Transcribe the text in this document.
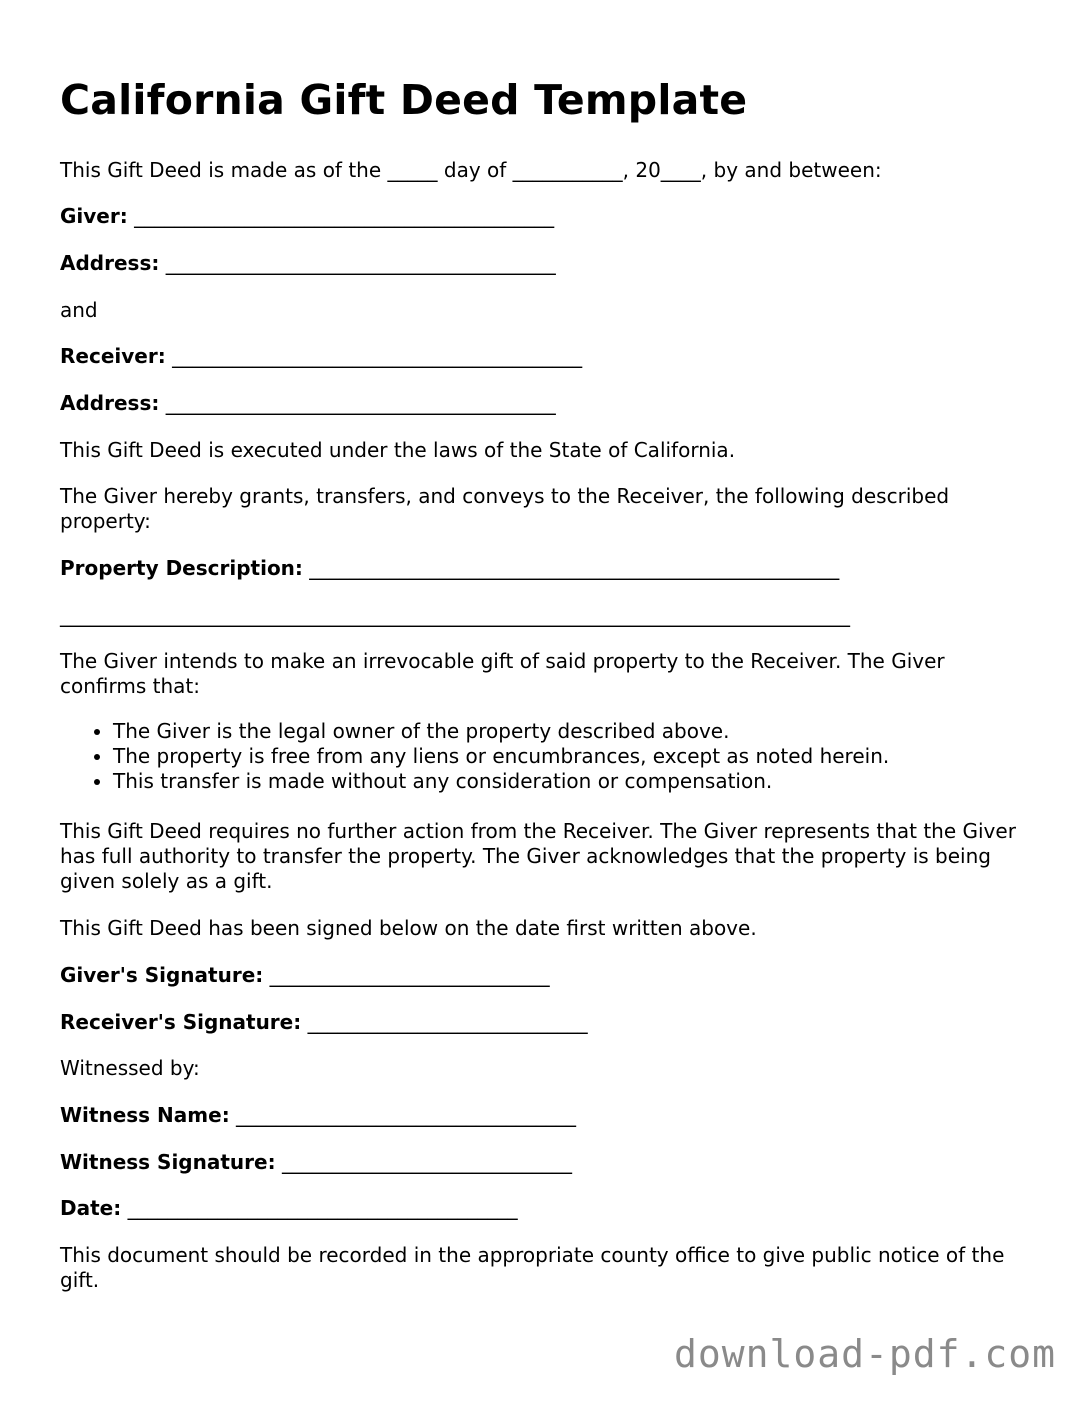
California Gift Deed Template
This Gift Deed is made as of the _____ day of ___________, 20____, by and between:
Giver: __________________________________________
Address: _______________________________________
and
Receiver: _________________________________________
Address: _______________________________________
This Gift Deed is executed under the laws of the State of California.
The Giver hereby grants, transfers, and conveys to the Receiver, the following described property:
Property Description: _____________________________________________________
_______________________________________________________________________________
The Giver intends to make an irrevocable gift of said property to the Receiver. The Giver confirms that:
• The Giver is the legal owner of the property described above.
• The property is free from any liens or encumbrances, except as noted herein.
• This transfer is made without any consideration or compensation.
This Gift Deed requires no further action from the Receiver. The Giver represents that the Giver has full authority to transfer the property. The Giver acknowledges that the property is being given solely as a gift.
This Gift Deed has been signed below on the date first written above.
Giver's Signature: ____________________________
Receiver's Signature: ____________________________
Witnessed by:
Witness Name: __________________________________
Witness Signature: _____________________________
Date: _______________________________________
This document should be recorded in the appropriate county office to give public notice of the gift.
download-pdf.com
